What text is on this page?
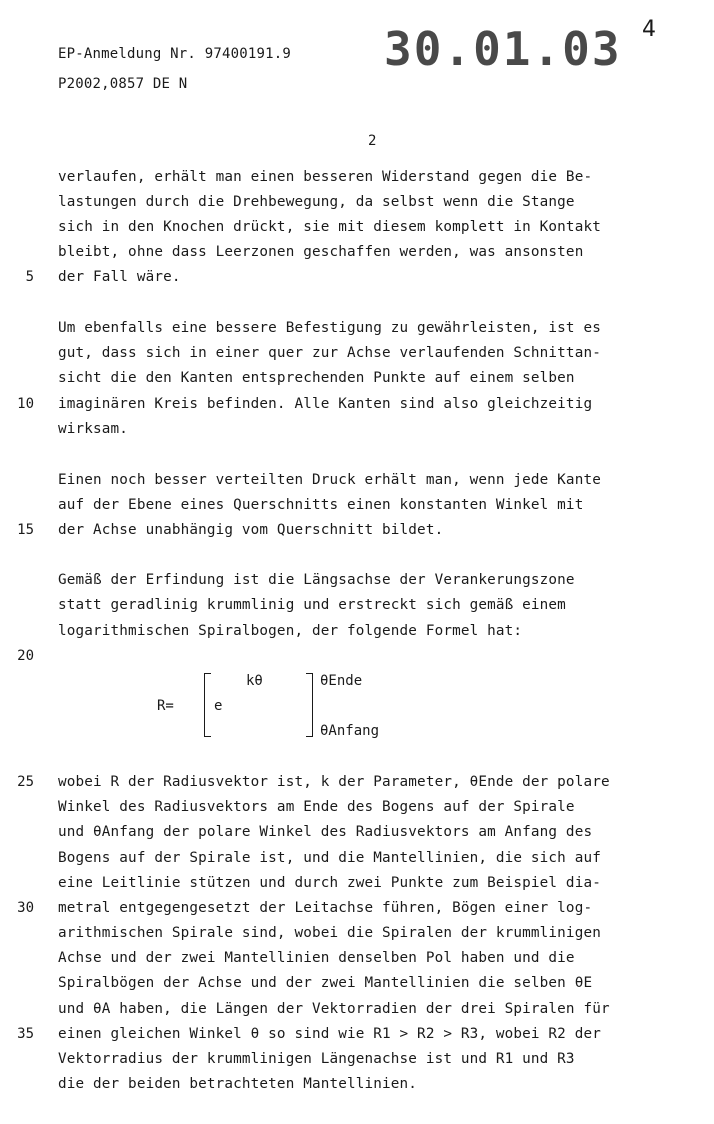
EP-Anmeldung Nr. 97400191.9
P2002,0857 DE N
30.01.03 4
2
verlaufen, erhält man einen besseren Widerstand gegen die Be-
lastungen durch die Drehbewegung, da selbst wenn die Stange
sich in den Knochen drückt, sie mit diesem komplett in Kontakt
bleibt, ohne dass Leerzonen geschaffen werden, was ansonsten
der Fall wäre.
Um ebenfalls eine bessere Befestigung zu gewährleisten, ist es
gut, dass sich in einer quer zur Achse verlaufenden Schnittan-
sicht die den Kanten entsprechenden Punkte auf einem selben
imaginären Kreis befinden. Alle Kanten sind also gleichzeitig
wirksam.
Einen noch besser verteilten Druck erhält man, wenn jede Kante
auf der Ebene eines Querschnitts einen konstanten Winkel mit
der Achse unabhängig vom Querschnitt bildet.
Gemäß der Erfindung ist die Längsachse der Verankerungszone
statt geradlinig krummlinig und erstreckt sich gemäß einem
logarithmischen Spiralbogen, der folgende Formel hat:
R=	e
kθ	θEnde
θAnfang
wobei R der Radiusvektor ist, k der Parameter, θEnde der polare
Winkel des Radiusvektors am Ende des Bogens auf der Spirale
und θAnfang der polare Winkel des Radiusvektors am Anfang des
Bogens auf der Spirale ist, und die Mantellinien, die sich auf
eine Leitlinie stützen und durch zwei Punkte zum Beispiel dia-
metral entgegengesetzt der Leitachse führen, Bögen einer log-
arithmischen Spirale sind, wobei die Spiralen der krummlinigen
Achse und der zwei Mantellinien denselben Pol haben und die
Spiralbögen der Achse und der zwei Mantellinien die selben θE
und θA haben, die Längen der Vektorradien der drei Spiralen für
einen gleichen Winkel θ so sind wie R1 > R2 > R3, wobei R2 der
Vektorradius der krummlinigen Längenachse ist und R1 und R3
die der beiden betrachteten Mantellinien.
5
10
15
20
25
30
35
